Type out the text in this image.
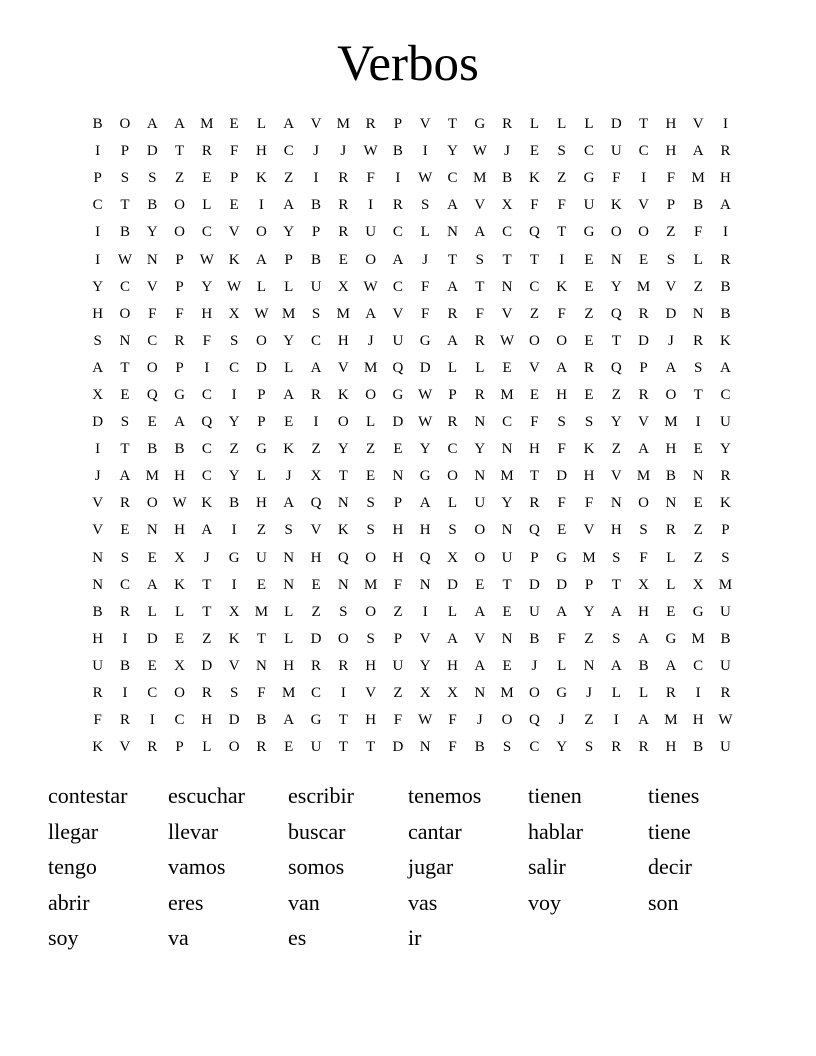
Verbos
B	O	A	A	M	E	L	A	V	M	R	P	V	T	G	R	L	L	L	D	T	H	V	I
I	P	D	T	R	F	H	C	J	J	W	B	I	Y W	J	E	S	C	U	C	H	A	R
P	S	S	Z	E	P	K	Z	I	R	F	I	W	C	M	B	K	Z	G	F	I	F	M	H
C	T	B	O	L	E	I	A	B	R	I	R	S	A	V	X	F	F	U	K	V	P	B	A
I	B	Y	O	C	V	O	Y	P	R	U	C	L	N	A	C	Q	T	G	O	O	Z	F	I
I	W N	P	W K	A	P	B	E	O	A	J	T	S	T	T	I	E	N	E	S	L	R
Y	C	V	P	Y W	L	L	U	X W	C	F	A	T	N	C	K	E	Y	M	V	Z	B
H	O	F	F	H	X W M	S	M	A	V	F	R	F	V	Z	F	Z	Q	R	D	N	B
S	N	C	R	F	S	O	Y	C	H	J	U	G	A	R	W O	O	E	T	D	J	R	K
A	T	O	P	I	C	D	L	A	V	M	Q	D	L	L	E	V	A	R	Q	P	A	S	A
X	E	Q	G	C	I	P	A	R	K	O	G W	P	R	M	E	H	E	Z	R	O	T	C
D	S	E	A	Q	Y	P	E	I	O	L	D W	R	N	C	F	S	S	Y	V	M	I	U
I	T	B	B	C	Z	G	K	Z	Y	Z	E	Y	C	Y	N	H	F	K	Z	A	H	E	Y
J	A	M	H	C	Y	L	J	X	T	E	N	G	O	N	M	T	D	H	V	M	B	N	R
V	R	O W K	B	H	A	Q	N	S	P	A	L	U	Y	R	F	F	N	O	N	E	K
V	E	N	H	A	I	Z	S	V	K	S	H	H	S	O	N	Q	E	V	H	S	R	Z	P
N	S	E	X	J	G	U	N	H	Q	O	H	Q	X	O	U	P	G	M	S	F	L	Z	S
N	C	A	K	T	I	E	N	E	N	M	F	N	D	E	T	D	D	P	T	X	L	X	M
B	R	L	L	T	X	M	L	Z	S	O	Z	I	L	A	E	U	A	Y	A	H	E	G	U
H	I	D	E	Z	K	T	L	D	O	S	P	V	A	V	N	B	F	Z	S	A	G	M	B
U	B	E	X	D	V	N	H	R	R	H	U	Y	H	A	E	J	L	N	A	B	A	C	U
R	I	C	O	R	S	F	M	C	I	V	Z	X	X	N	M	O	G	J	L	L	R	I	R
F	R	I	C	H	D	B	A	G	T	H	F	W	F	J	O	Q	J	Z	I	A	M	H W
K	V	R	P	L	O	R	E	U	T	T	D	N	F	B	S	C	Y	S	R	R	H	B	U
contestar	escuchar	escribir	tenemos	tienen	tienes
llegar	llevar	buscar	cantar	hablar	tiene
tengo	vamos	somos	jugar	salir	decir
abrir	eres	van	vas	voy	son
soy	va	es	ir
